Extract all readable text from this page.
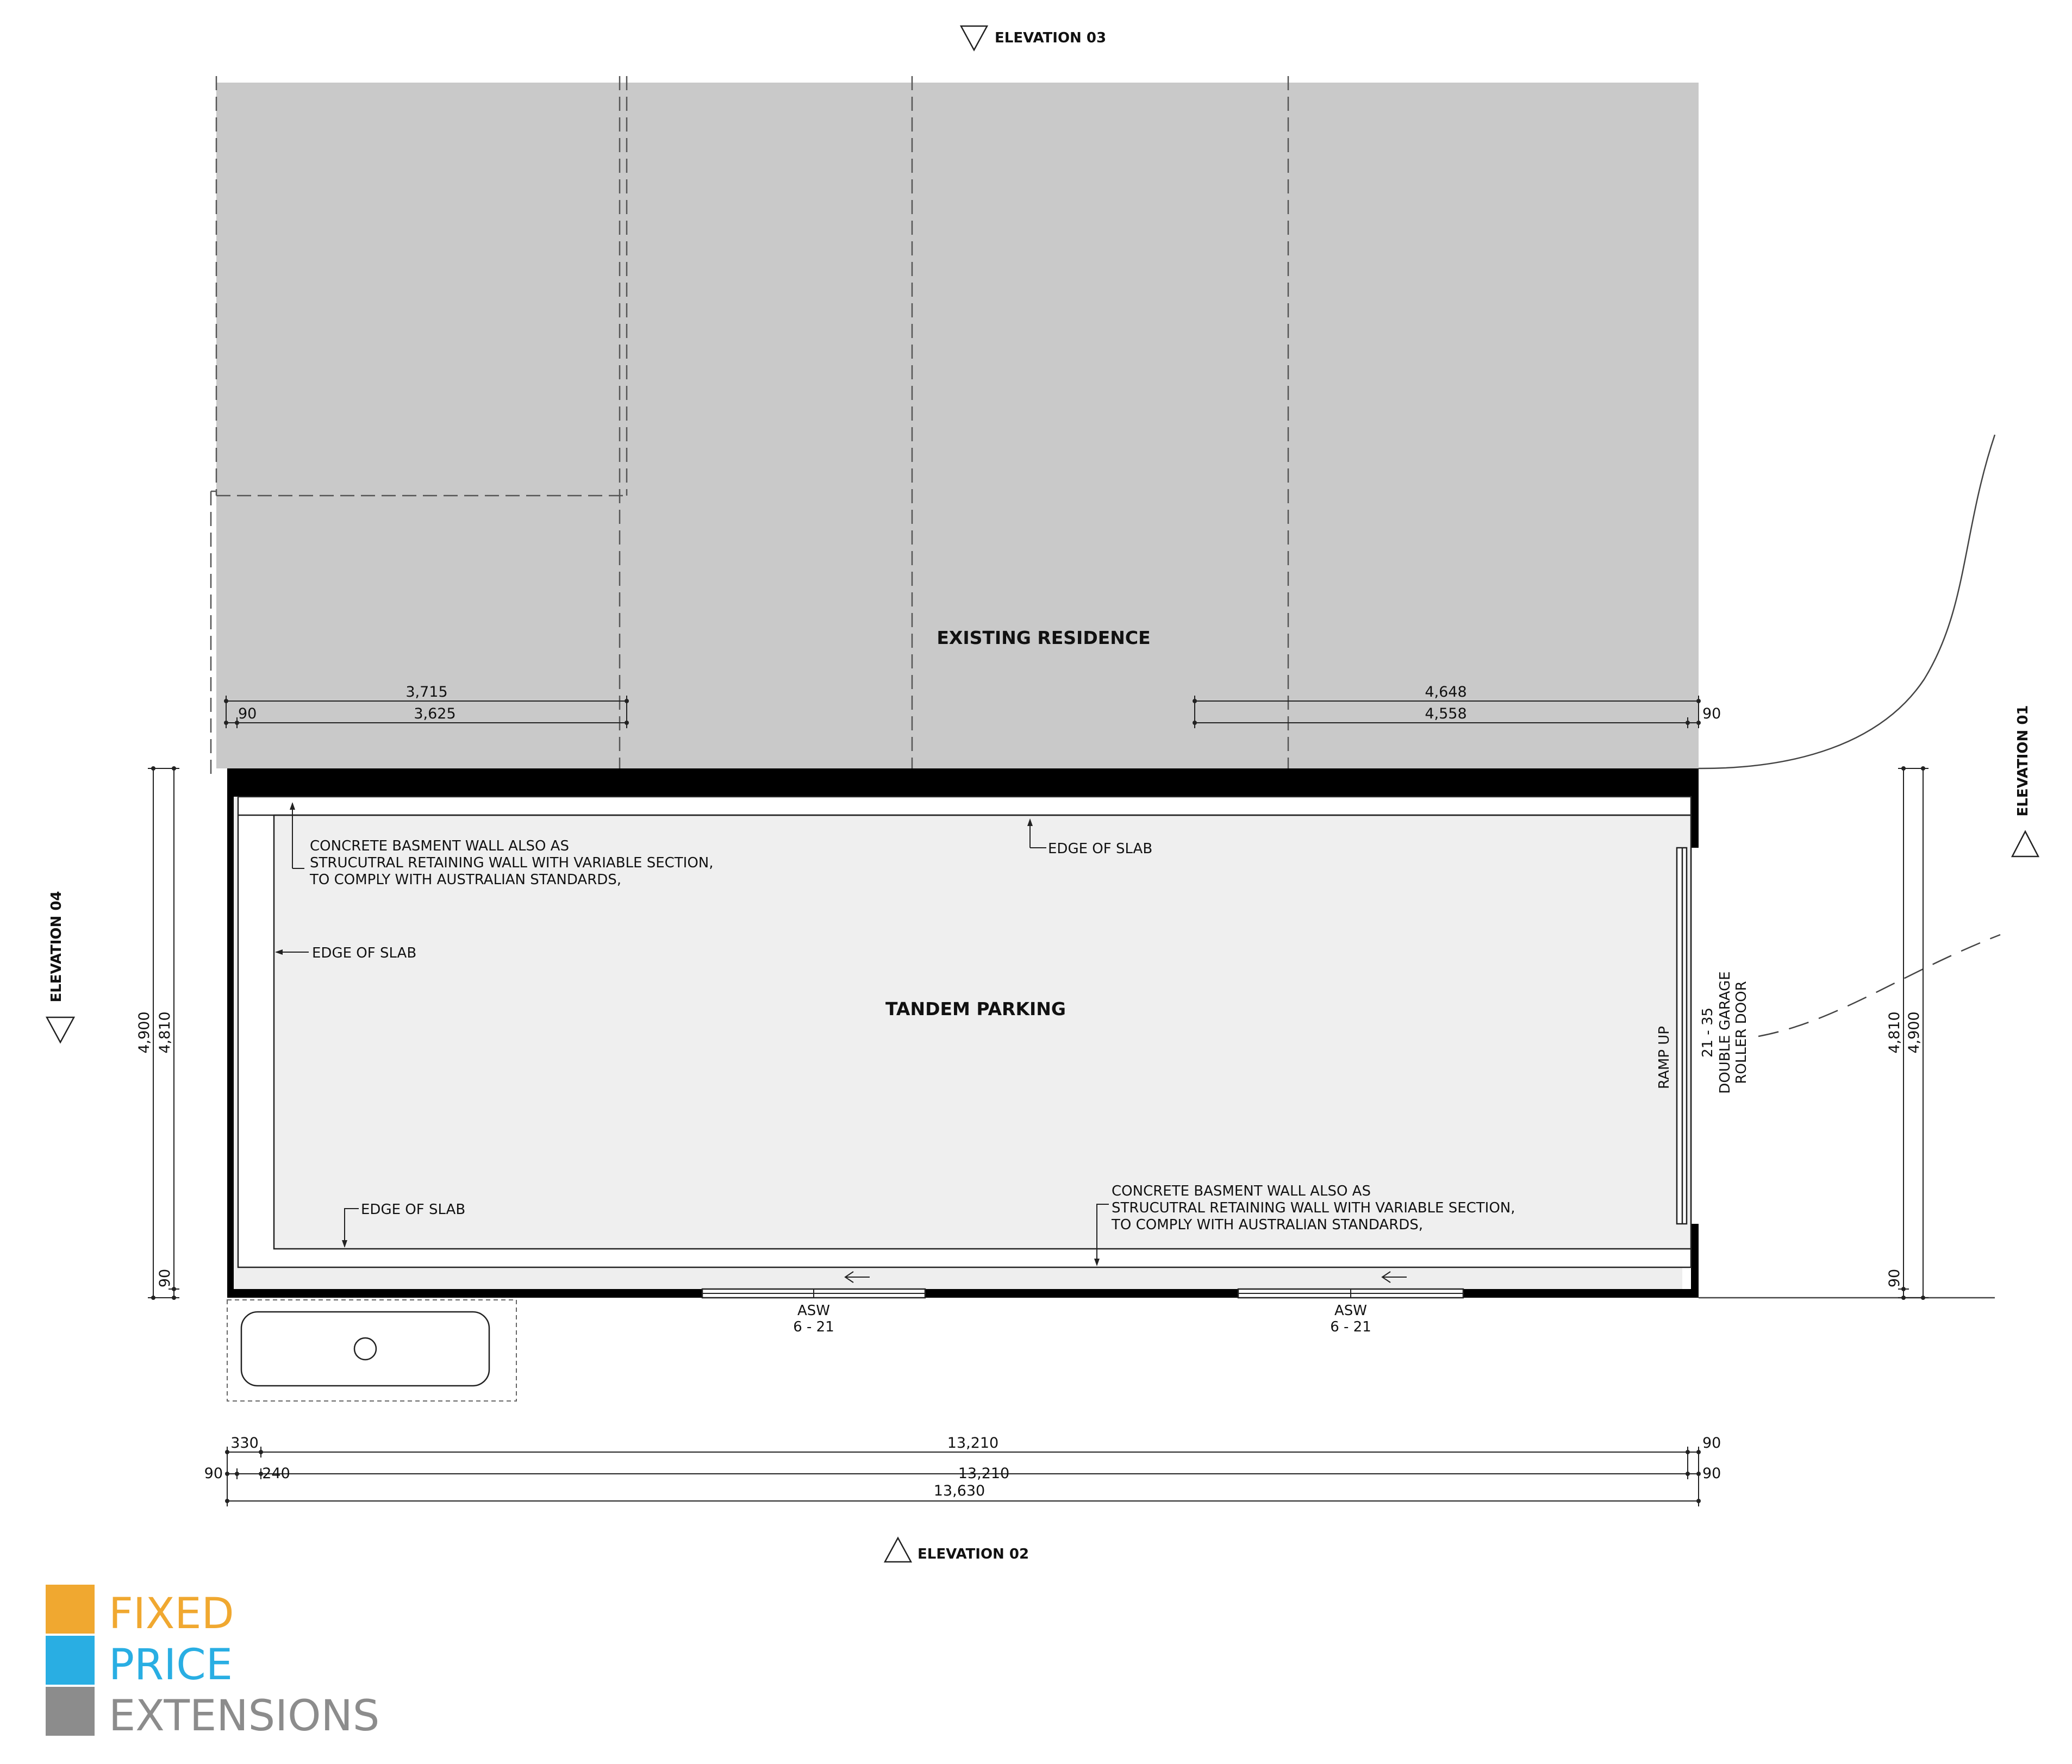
EXISTING RESIDENCE
ASW
6 - 21
ASW
6 - 21
TANDEM PARKING
CONCRETE BASMENT WALL ALSO AS STRUCUTRAL RETAINING WALL WITH VARIABLE SECTION, TO COMPLY WITH AUSTRALIAN STANDARDS,
EDGE OF SLAB
EDGE OF SLAB
EDGE OF SLAB
CONCRETE BASMENT WALL ALSO AS STRUCUTRAL RETAINING WALL WITH VARIABLE SECTION, TO COMPLY WITH AUSTRALIAN STANDARDS,
RAMP UP 21 - 35 DOUBLE GARAGE ROLLER DOOR
3,715
90	3,625
4,648
4,558	90
4,900 4,810
90
4,810 4,900
90
330	13,210	90
90	240	13,210	90
13,630
ELEVATION 03
ELEVATION 02
ELEVATION 04
ELEVATION 01
FIXED
PRICE
EXTENSIONS
